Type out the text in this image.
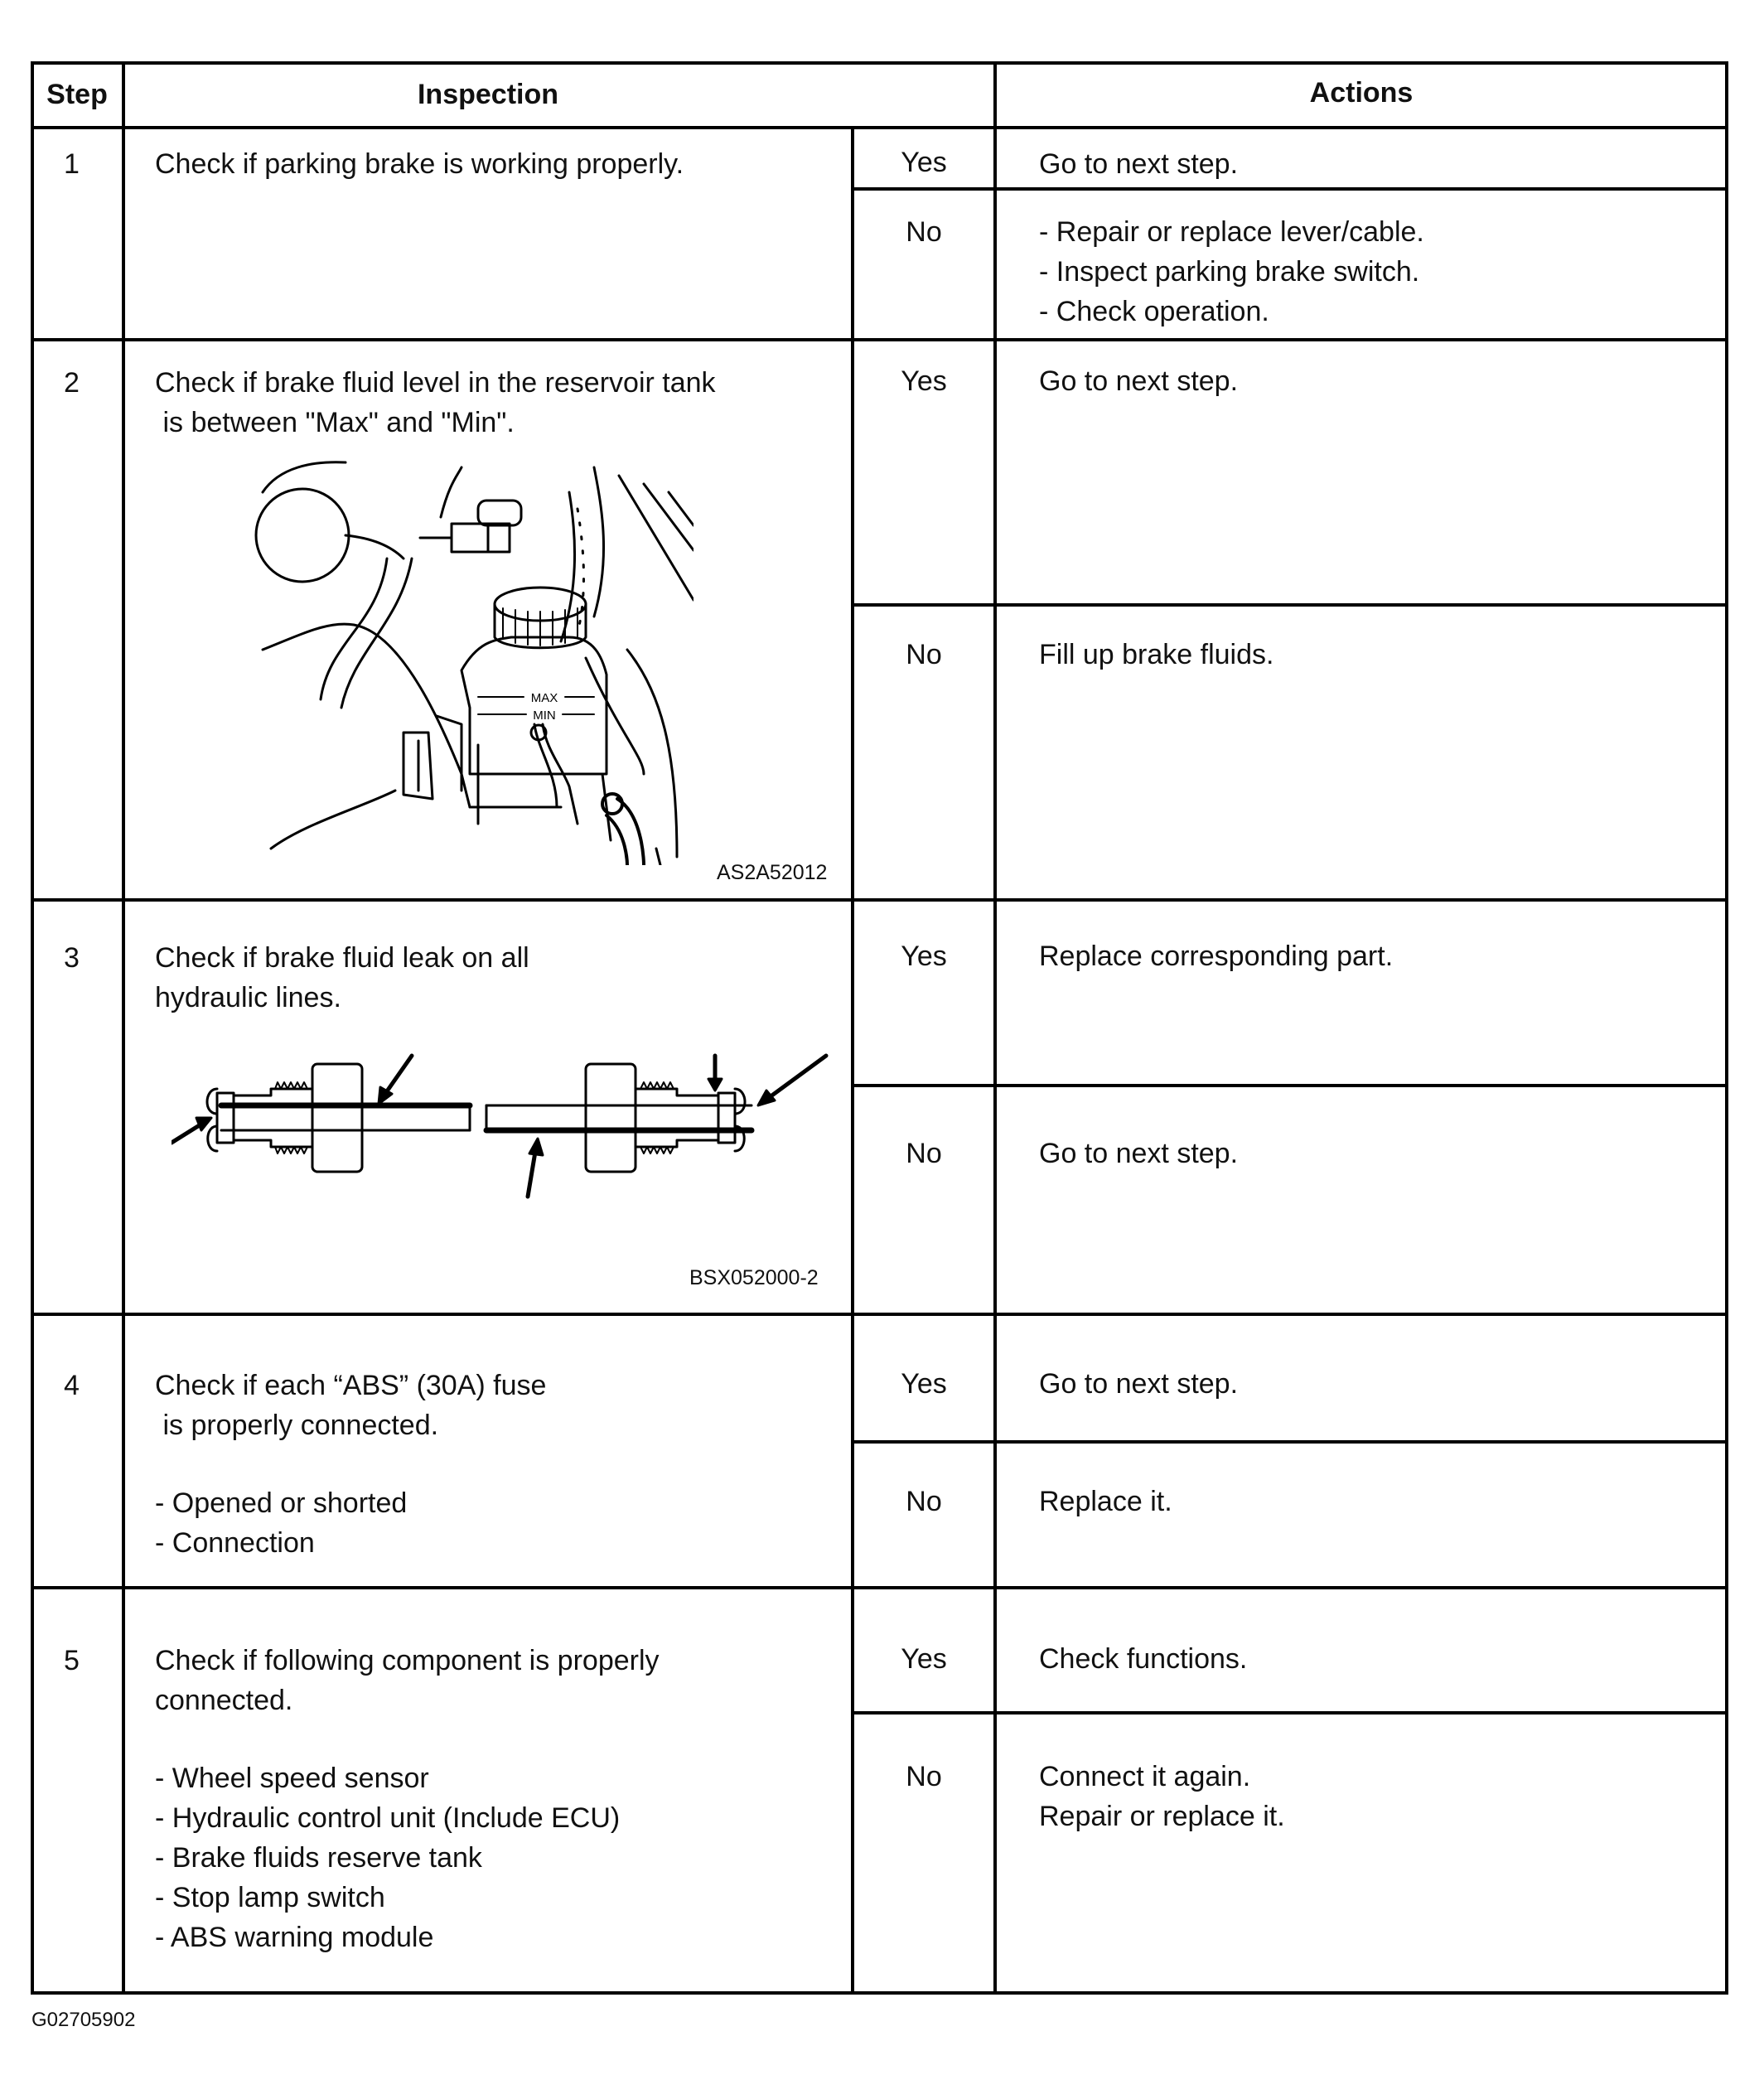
Step	Inspection	Actions
1	Check if parking brake is working properly.	Yes	Go to next step.
No	- Repair or replace lever/cable.
- Inspect parking brake switch.
- Check operation.
2	Check if brake fluid level in the reservoir tank
is between "Max" and "Min".
Yes	Go to next step.
No	Fill up brake fluids.
MAX
MIN
AS2A52012
3	Check if brake fluid leak on all
hydraulic lines.
Yes	Replace corresponding part.
No	Go to next step.
BSX052000-2
4	Check if each “ABS” (30A) fuse
is properly connected.
- Opened or shorted
- Connection
Yes	Go to next step.
No	Replace it.
5	Check if following component is properly
connected.
- Wheel speed sensor
- Hydraulic control unit (Include ECU)
- Brake fluids reserve tank
- Stop lamp switch
- ABS warning module
Yes	Check functions.
No	Connect it again.
Repair or replace it.
G02705902
